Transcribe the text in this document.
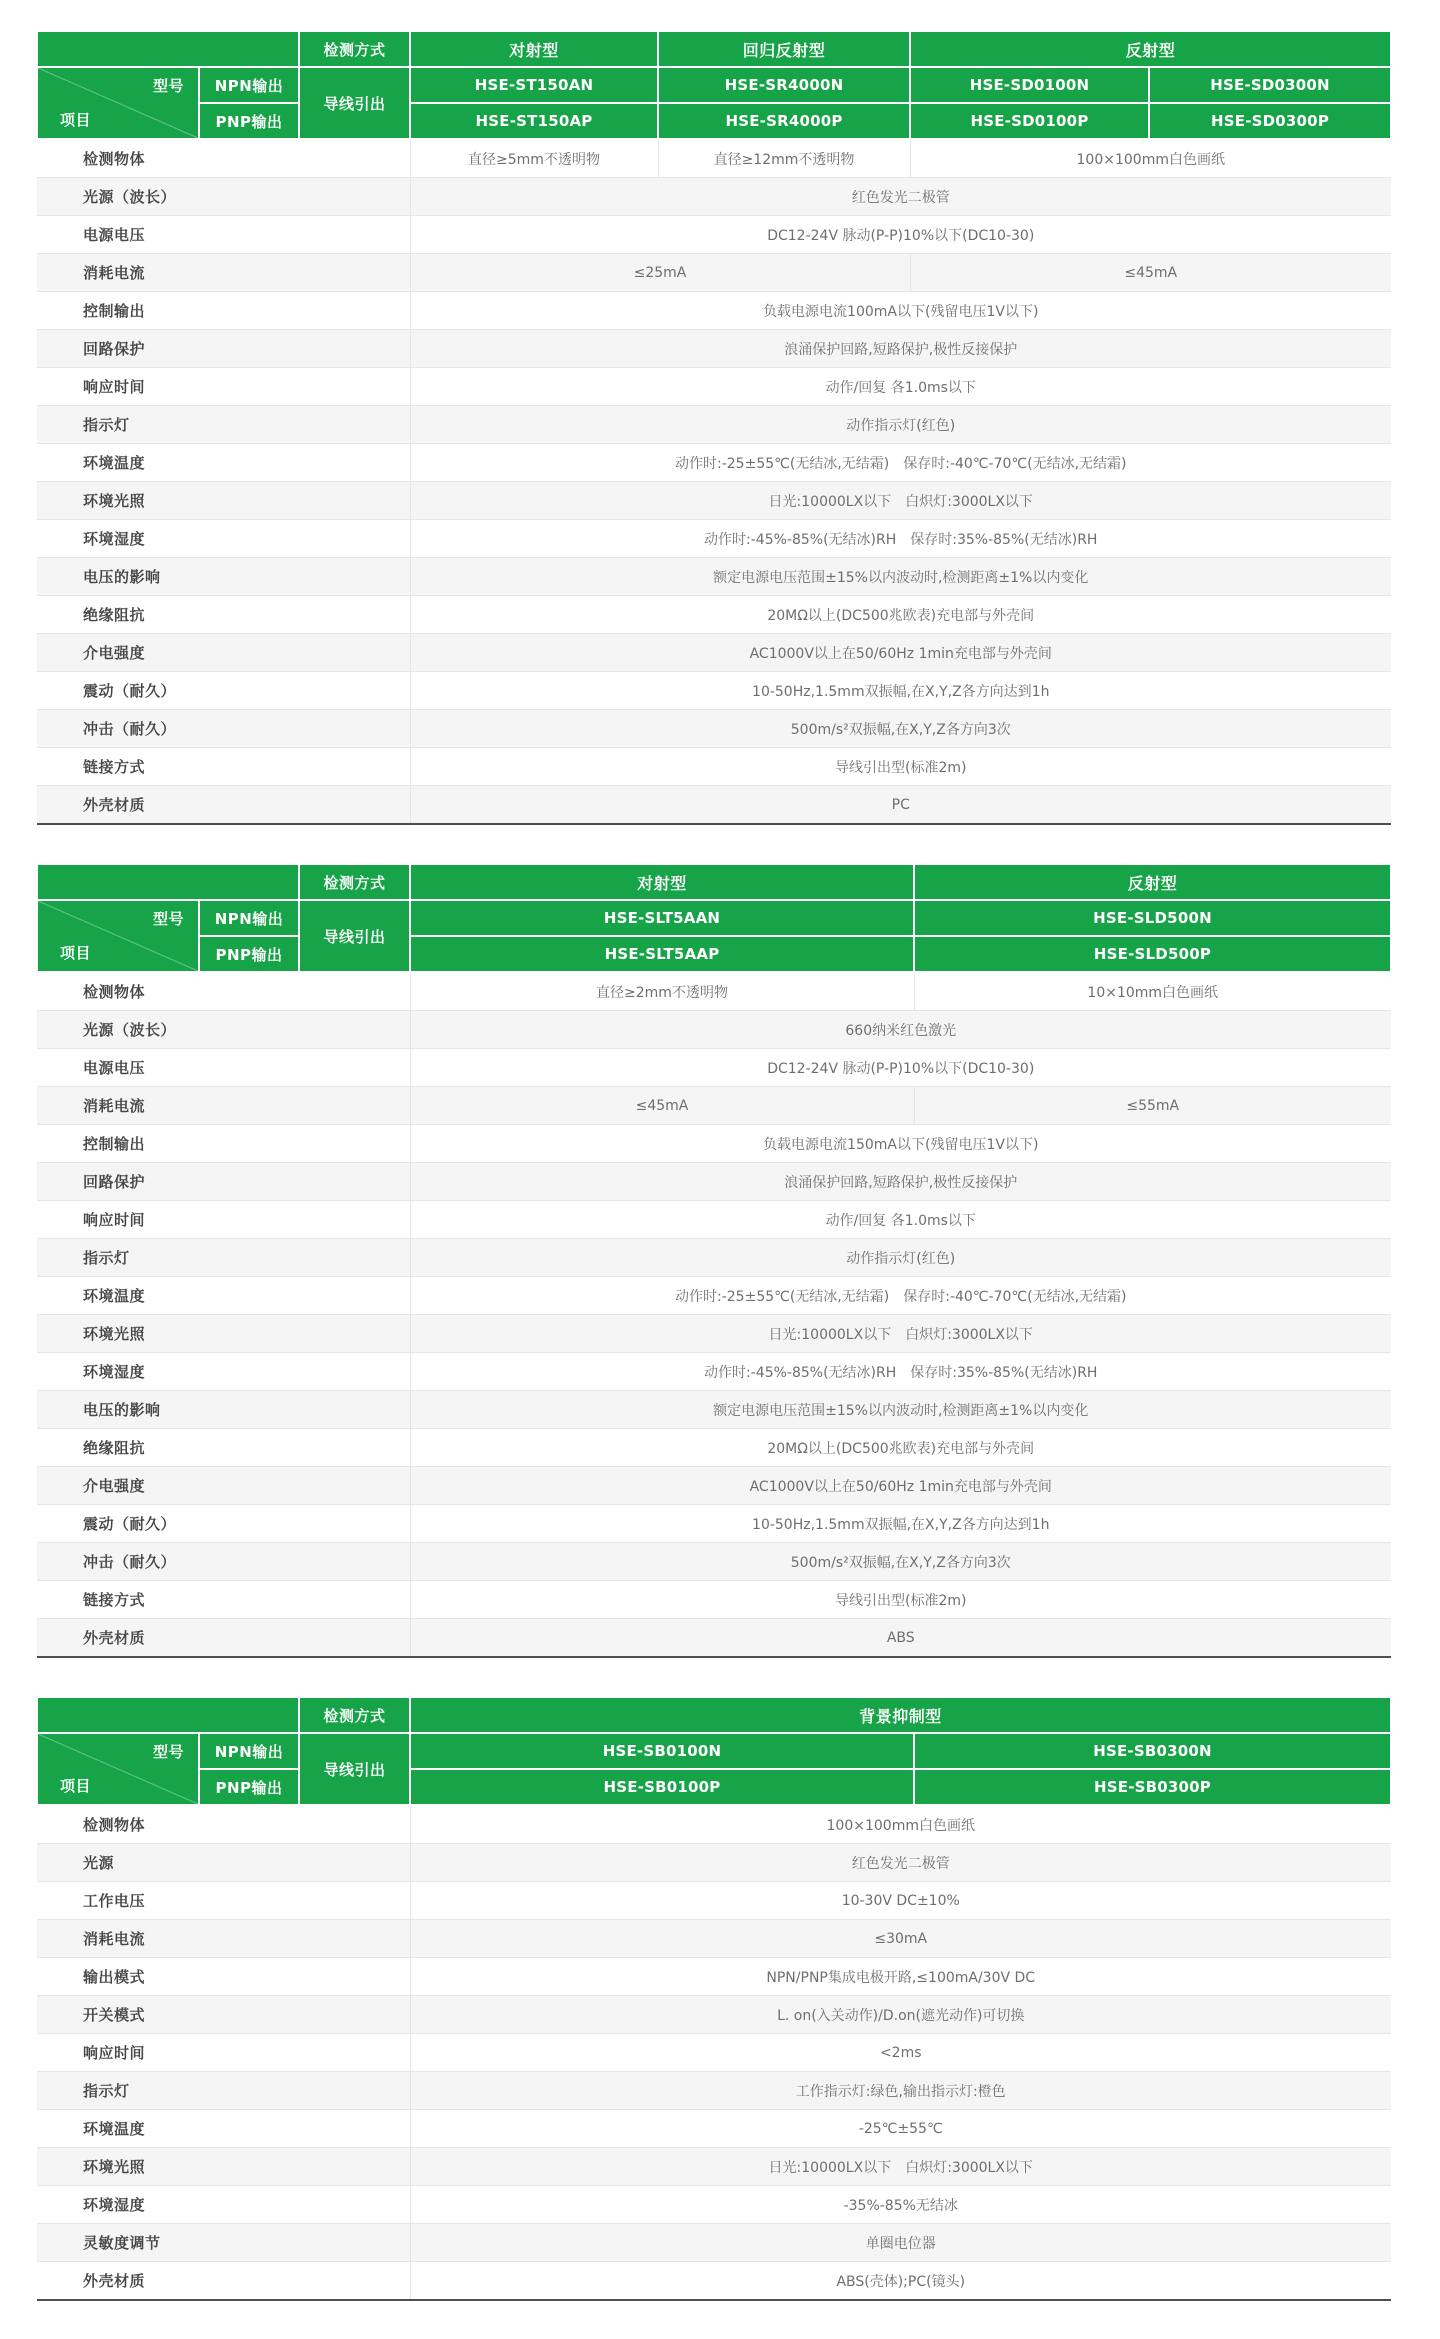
		检测方式	对射型	回归反射型	反射型	

型号
项目	NPN输出	导线引出	HSE-ST150AN	HSE-SR4000N	HSE-SD0100N	HSE-SD0300N
	PNP输出		HSE-ST150AP	HSE-SR4000P	HSE-SD0100P	HSE-SD0300P
检测物体			直径≥5mm不透明物	直径≥12mm不透明物	100×100mm白色画纸	
光源（波长）			红色发光二极管			
电源电压			DC12-24V 脉动(P-P)10%以下(DC10-30)			
消耗电流			≤25mA		≤45mA	
控制输出			负载电源电流100mA以下(残留电压1V以下)			
回路保护			浪涌保护回路,短路保护,极性反接保护			
响应时间			动作/回复 各1.0ms以下			
指示灯			动作指示灯(红色)			
环境温度			动作时:-25±55℃(无结冰,无结霜)　保存时:-40℃-70℃(无结冰,无结霜)			
环境光照			日光:10000LX以下　白炽灯:3000LX以下			
环境湿度			动作时:-45%-85%(无结冰)RH　保存时:35%-85%(无结冰)RH			
电压的影响			额定电源电压范围±15%以内波动时,检测距离±1%以内变化			
绝缘阻抗			20MΩ以上(DC500兆欧表)充电部与外壳间			
介电强度			AC1000V以上在50/60Hz 1min充电部与外壳间			
震动（耐久）			10-50Hz,1.5mm双振幅,在X,Y,Z各方向达到1h			
冲击（耐久）			500m/s²双振幅,在X,Y,Z各方向3次			
链接方式			导线引出型(标准2m)			
外壳材质			PC			
		检测方式	对射型	反射型

型号
项目	NPN输出	导线引出	HSE-SLT5AAN	HSE-SLD500N
	PNP输出		HSE-SLT5AAP	HSE-SLD500P
检测物体			直径≥2mm不透明物	10×10mm白色画纸
光源（波长）			660纳米红色激光	
电源电压			DC12-24V 脉动(P-P)10%以下(DC10-30)	
消耗电流			≤45mA	≤55mA
控制输出			负载电源电流150mA以下(残留电压1V以下)	
回路保护			浪涌保护回路,短路保护,极性反接保护	
响应时间			动作/回复 各1.0ms以下	
指示灯			动作指示灯(红色)	
环境温度			动作时:-25±55℃(无结冰,无结霜)　保存时:-40℃-70℃(无结冰,无结霜)	
环境光照			日光:10000LX以下　白炽灯:3000LX以下	
环境湿度			动作时:-45%-85%(无结冰)RH　保存时:35%-85%(无结冰)RH	
电压的影响			额定电源电压范围±15%以内波动时,检测距离±1%以内变化	
绝缘阻抗			20MΩ以上(DC500兆欧表)充电部与外壳间	
介电强度			AC1000V以上在50/60Hz 1min充电部与外壳间	
震动（耐久）			10-50Hz,1.5mm双振幅,在X,Y,Z各方向达到1h	
冲击（耐久）			500m/s²双振幅,在X,Y,Z各方向3次	
链接方式			导线引出型(标准2m)	
外壳材质			ABS	
		检测方式	背景抑制型	

型号
项目	NPN输出	导线引出	HSE-SB0100N	HSE-SB0300N
	PNP输出		HSE-SB0100P	HSE-SB0300P
检测物体			100×100mm白色画纸	
光源			红色发光二极管	
工作电压			10-30V DC±10%	
消耗电流			≤30mA	
输出模式			NPN/PNP集成电极开路,≤100mA/30V DC	
开关模式			L. on(入关动作)/D.on(遮光动作)可切换	
响应时间			<2ms	
指示灯			工作指示灯:绿色,输出指示灯:橙色	
环境温度			-25℃±55℃	
环境光照			日光:10000LX以下　白炽灯:3000LX以下	
环境湿度			-35%-85%无结冰	
灵敏度调节			单圈电位器	
外壳材质			ABS(壳体);PC(镜头)	
